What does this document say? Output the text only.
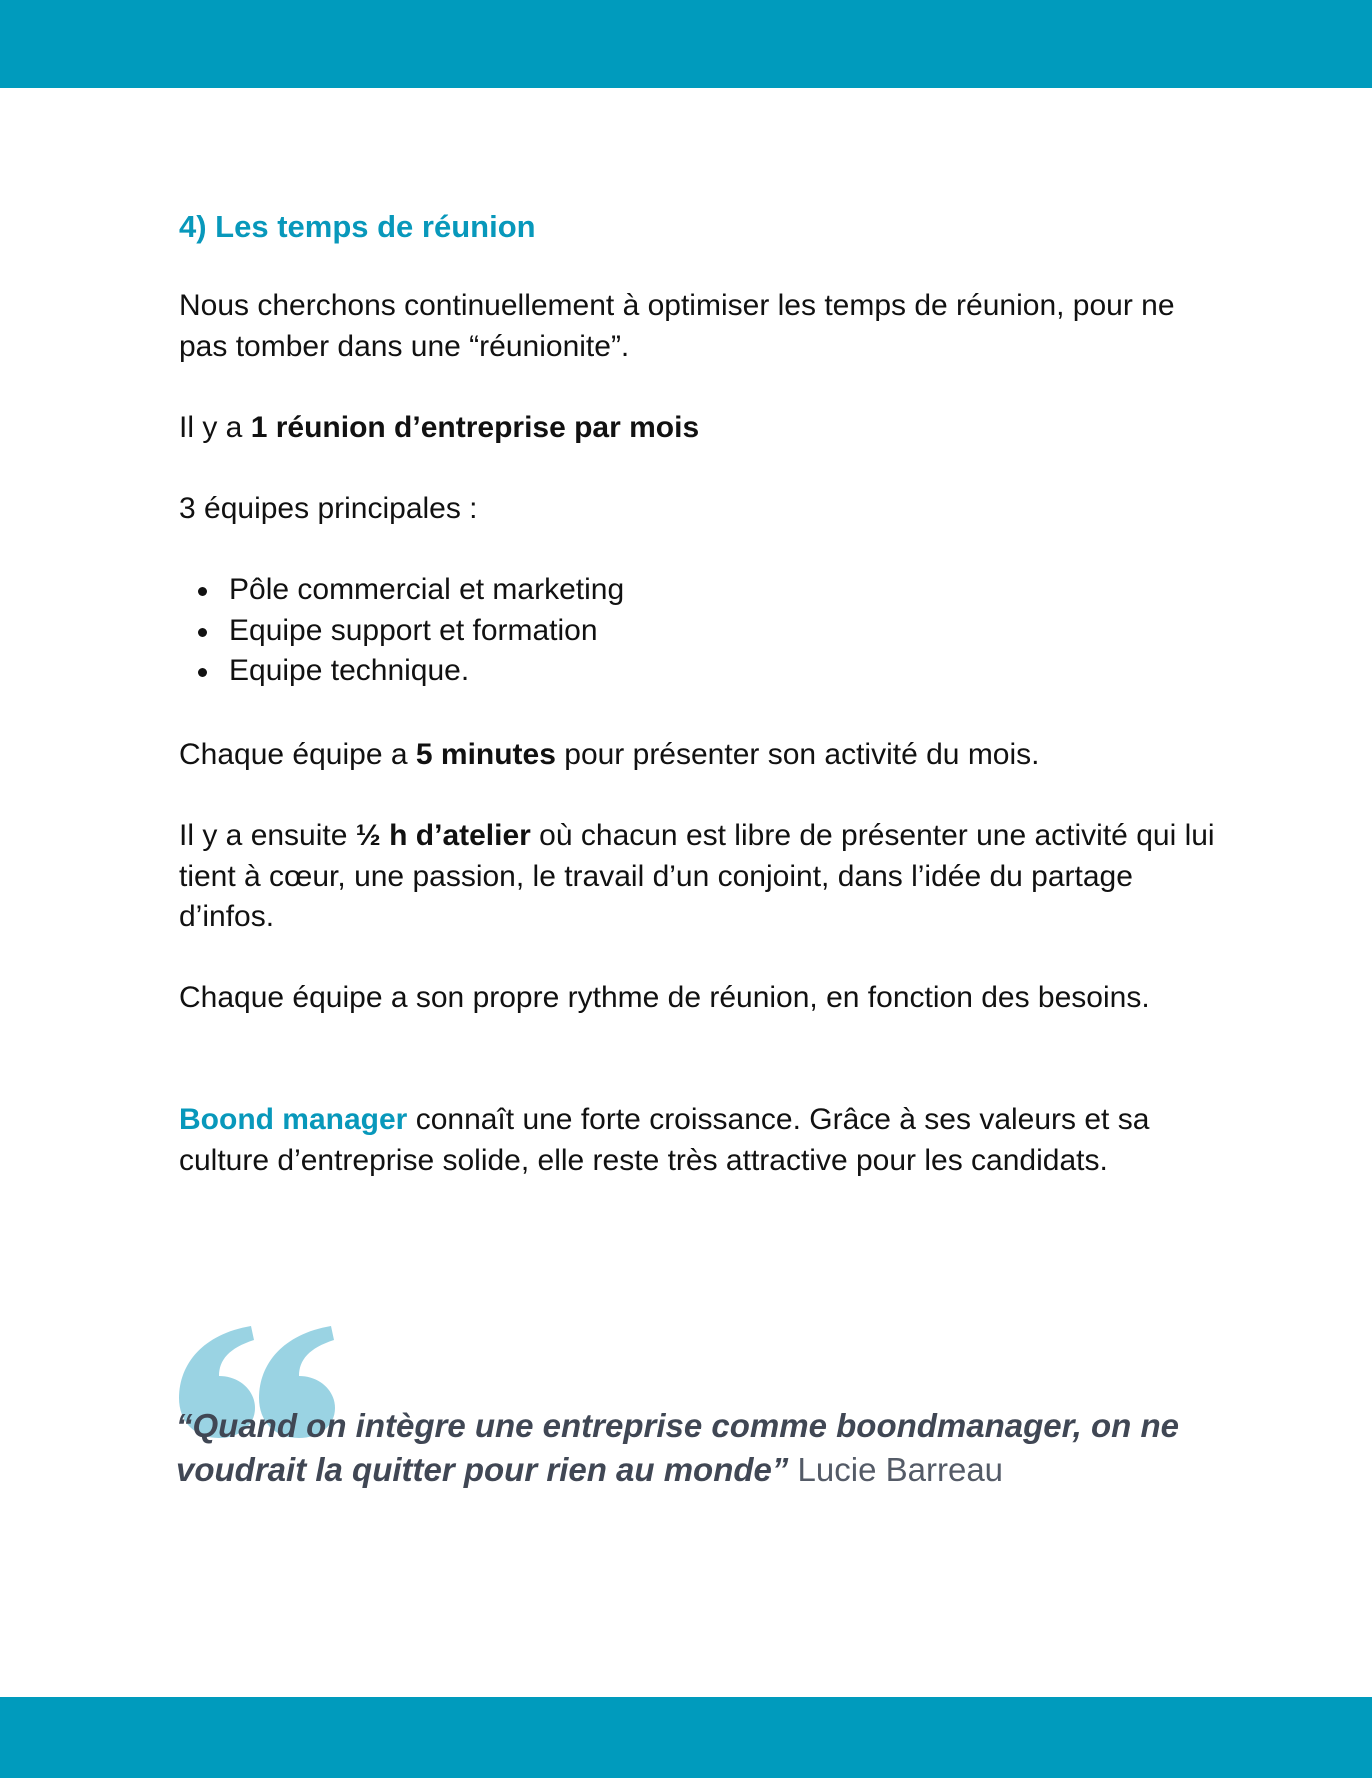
4) Les temps de réunion

Nous cherchons continuellement à optimiser les temps de réunion, pour ne pas tomber dans une “réunionite”.

Il y a 1 réunion d’entreprise par mois

3 équipes principales :

Pôle commercial et marketing
Equipe support et formation
Equipe technique.

Chaque équipe a 5 minutes pour présenter son activité du mois.

Il y a ensuite ½ h d’atelier où chacun est libre de présenter une activité qui lui tient à cœur, une passion, le travail d’un conjoint, dans l’idée du partage d’infos.

Chaque équipe a son propre rythme de réunion, en fonction des besoins.

Boond manager connaît une forte croissance. Grâce à ses valeurs et sa culture d’entreprise solide, elle reste très attractive pour les candidats.

“Quand on intègre une entreprise comme boondmanager, on ne voudrait la quitter pour rien au monde” Lucie Barreau
